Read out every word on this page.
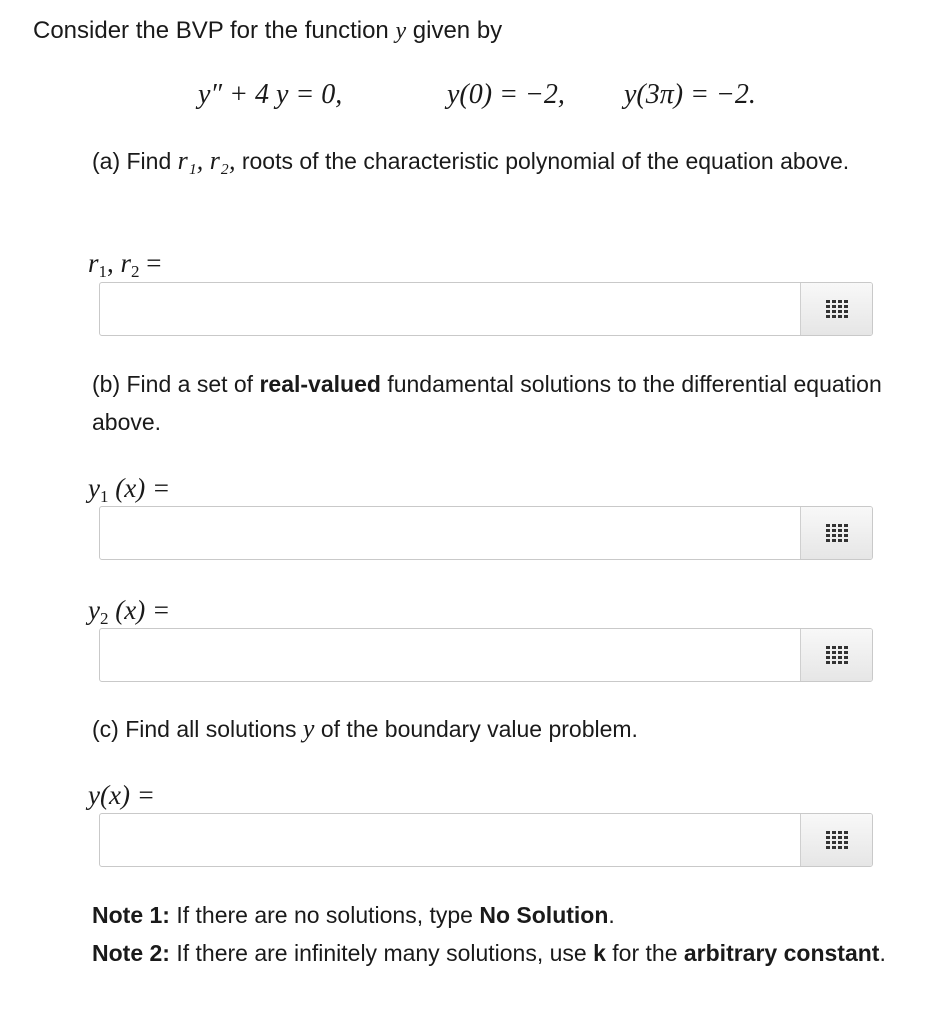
Consider the BVP for the function y given by
y″ + 4 y = 0,	y(0) = −2, y(3π) = −2.
(a) Find r₁, r₂, roots of the characteristic polynomial of the equation above.
$r_1$, $r_2$ =
(b) Find a set of real-valued fundamental solutions to the differential equation above.
$y_1$ (x) =
$y_2$ (x) =
(c) Find all solutions y of the boundary value problem.
y(x) =
Note 1: If there are no solutions, type No Solution.
Note 2: If there are infinitely many solutions, use k for the arbitrary constant.
